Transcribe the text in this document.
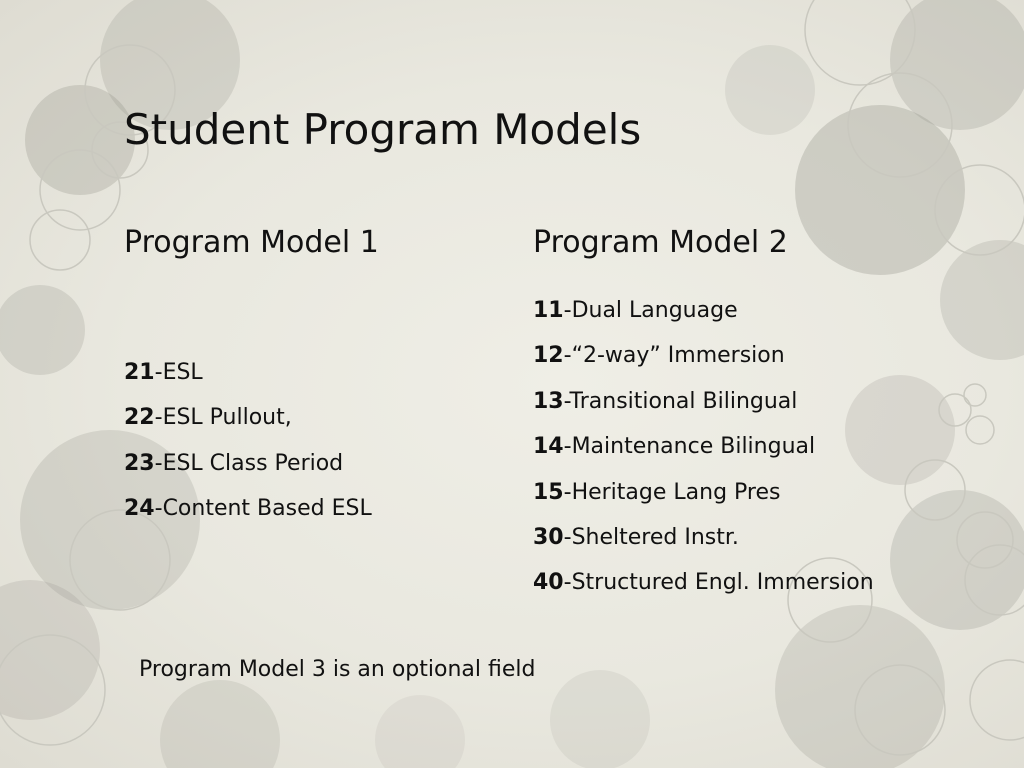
Student Program Models
Program Model 1
21-ESL
22-ESL Pullout,
23-ESL Class Period
24-Content Based ESL
Program Model 2
11-Dual Language
12-“2-way” Immersion
13-Transitional Bilingual
14-Maintenance Bilingual
15-Heritage Lang Pres
30-Sheltered Instr.
40-Structured Engl. Immersion

Program Model 3 is an optional field
